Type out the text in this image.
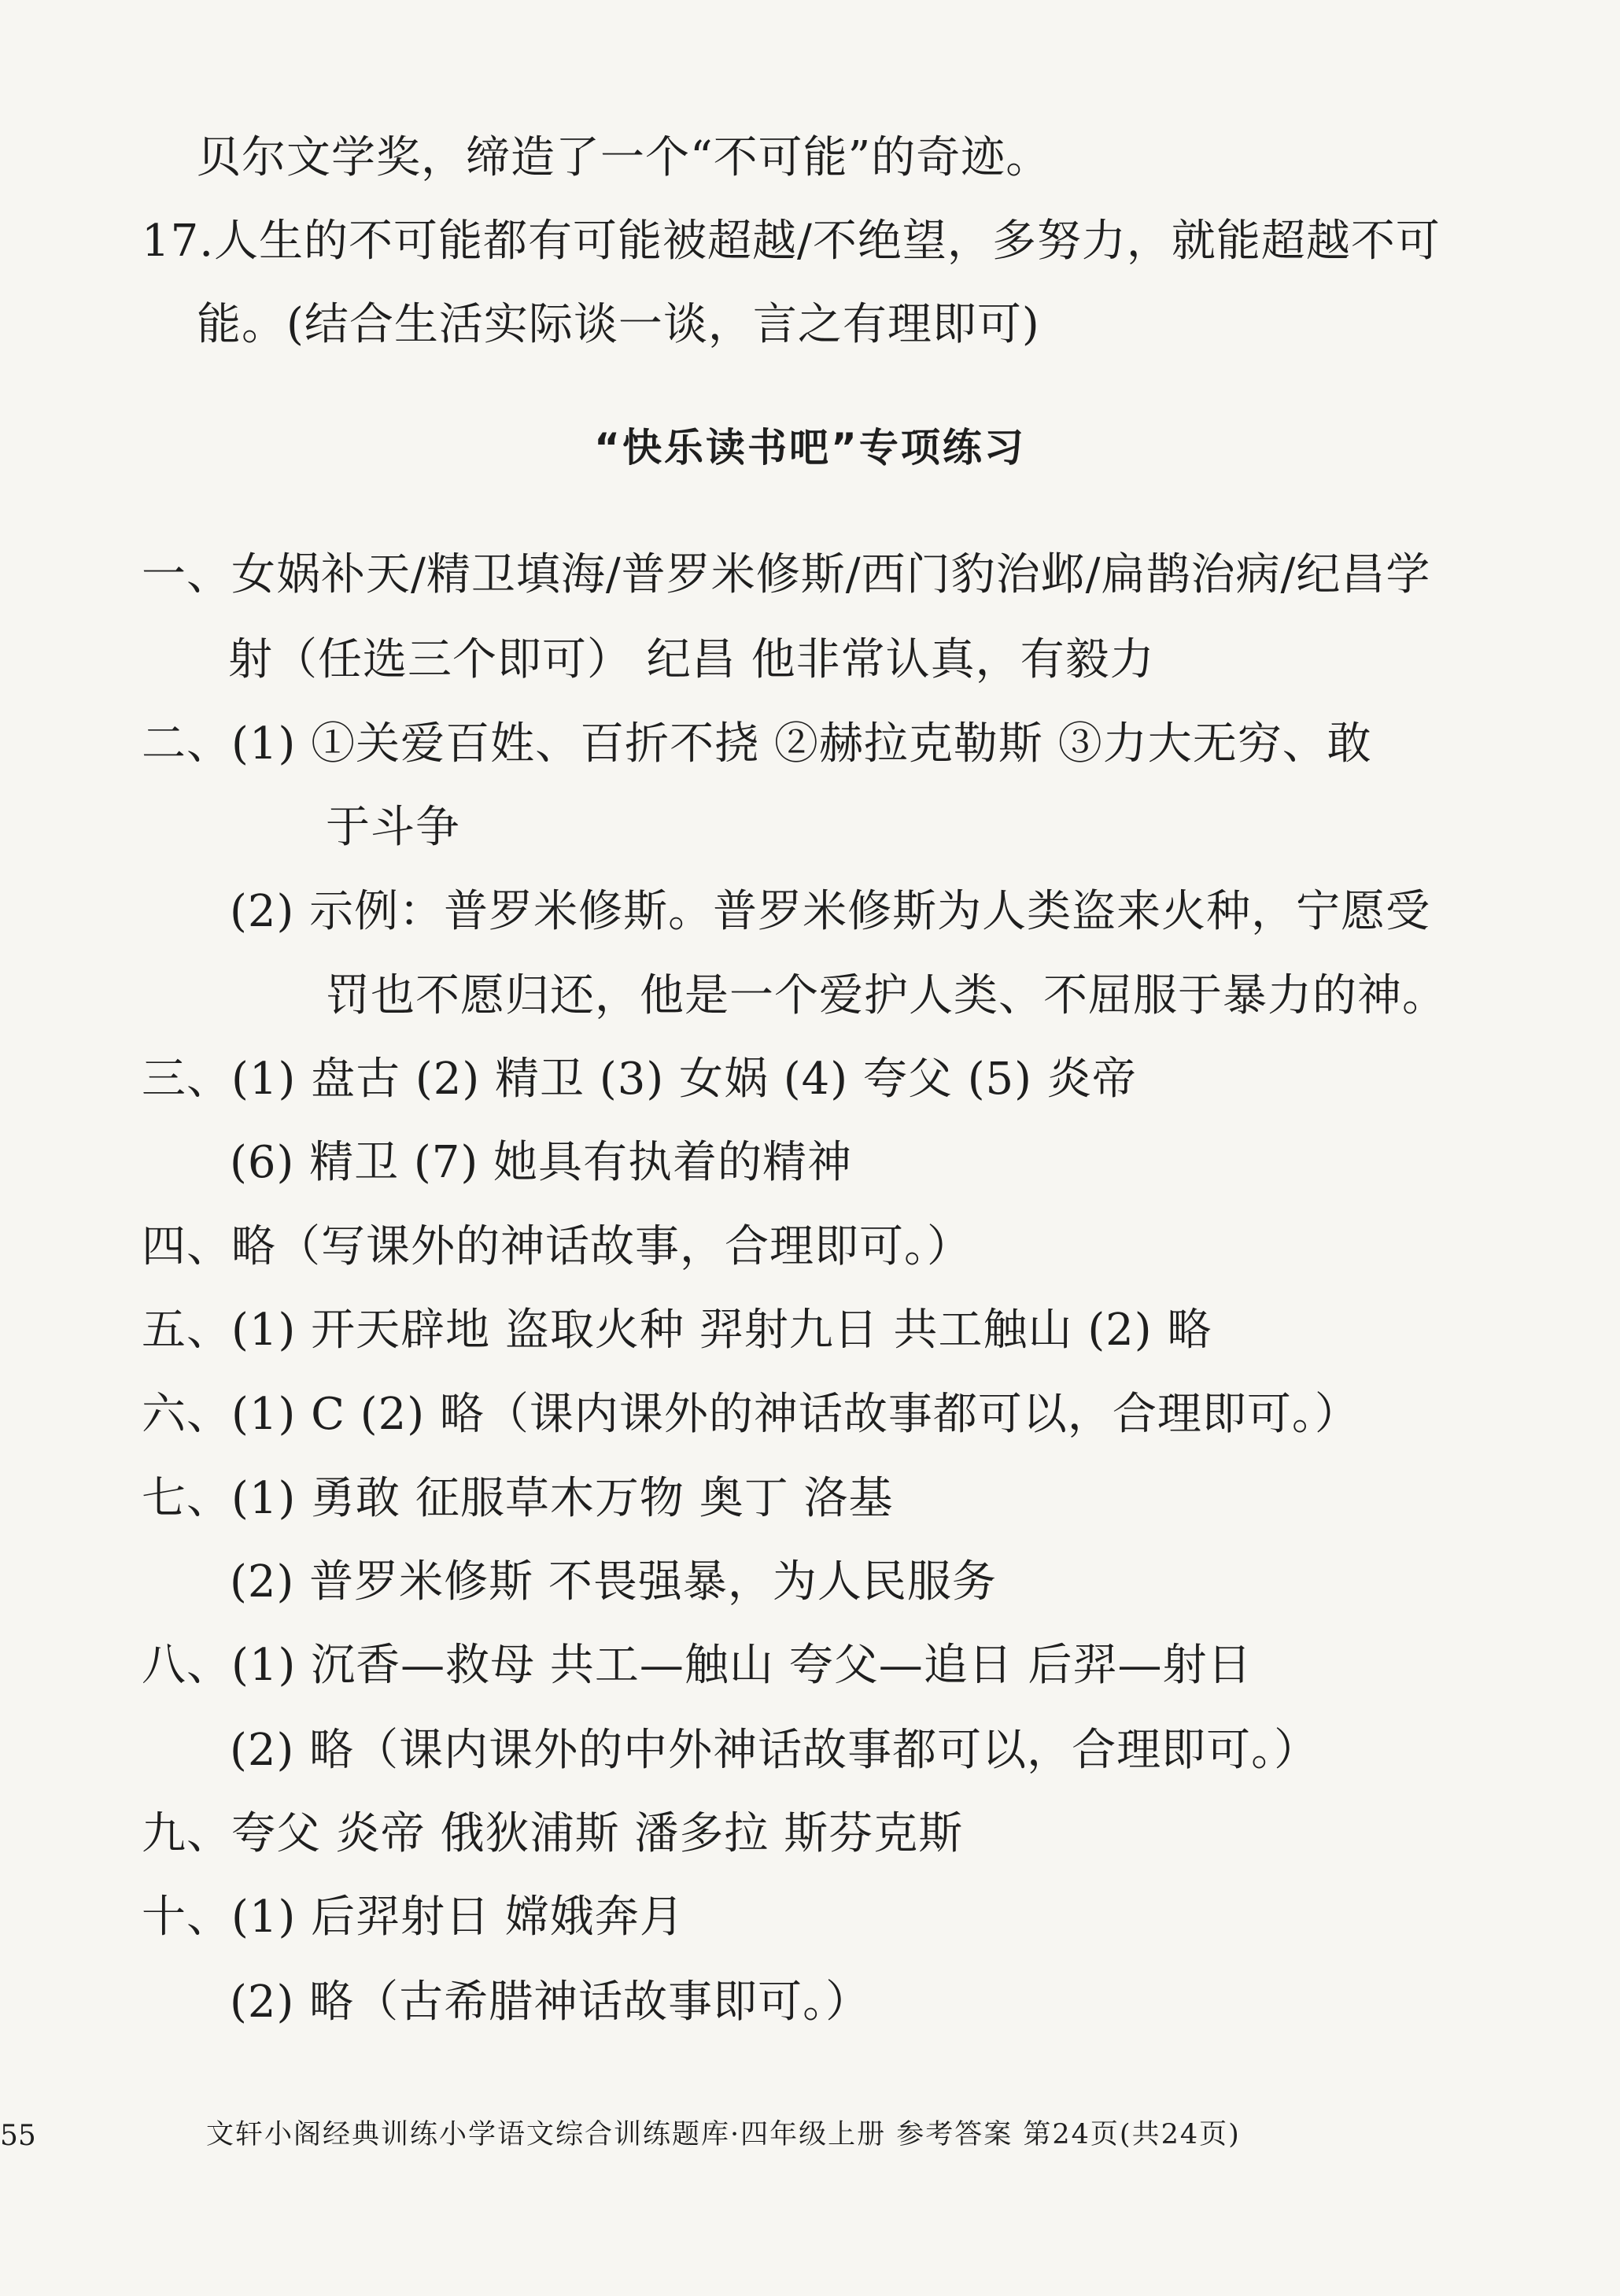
贝尔文学奖，缔造了一个“不可能”的奇迹。
17.人生的不可能都有可能被超越/不绝望，多努力，就能超越不可
能。(结合生活实际谈一谈，言之有理即可)
“快乐读书吧”专项练习
一、女娲补天/精卫填海/普罗米修斯/西门豹治邺/扁鹊治病/纪昌学
射（任选三个即可） 纪昌 他非常认真，有毅力
二、(1) ①关爱百姓、百折不挠 ②赫拉克勒斯 ③力大无穷、敢
于斗争
(2) 示例：普罗米修斯。普罗米修斯为人类盗来火种，宁愿受
罚也不愿归还，他是一个爱护人类、不屈服于暴力的神。
三、(1) 盘古 (2) 精卫 (3) 女娲 (4) 夸父 (5) 炎帝
(6) 精卫 (7) 她具有执着的精神
四、略（写课外的神话故事，合理即可。）
五、(1) 开天辟地 盗取火种 羿射九日 共工触山 (2) 略
六、(1) C (2) 略（课内课外的神话故事都可以，合理即可。）
七、(1) 勇敢 征服草木万物 奥丁 洛基
(2) 普罗米修斯 不畏强暴，为人民服务
八、(1) 沉香—救母 共工—触山 夸父—追日 后羿—射日
(2) 略（课内课外的中外神话故事都可以，合理即可。）
九、夸父 炎帝 俄狄浦斯 潘多拉 斯芬克斯
十、(1) 后羿射日 嫦娥奔月
(2) 略（古希腊神话故事即可。）
55	文轩小阁经典训练小学语文综合训练题库·四年级上册 参考答案 第24页(共24页)
